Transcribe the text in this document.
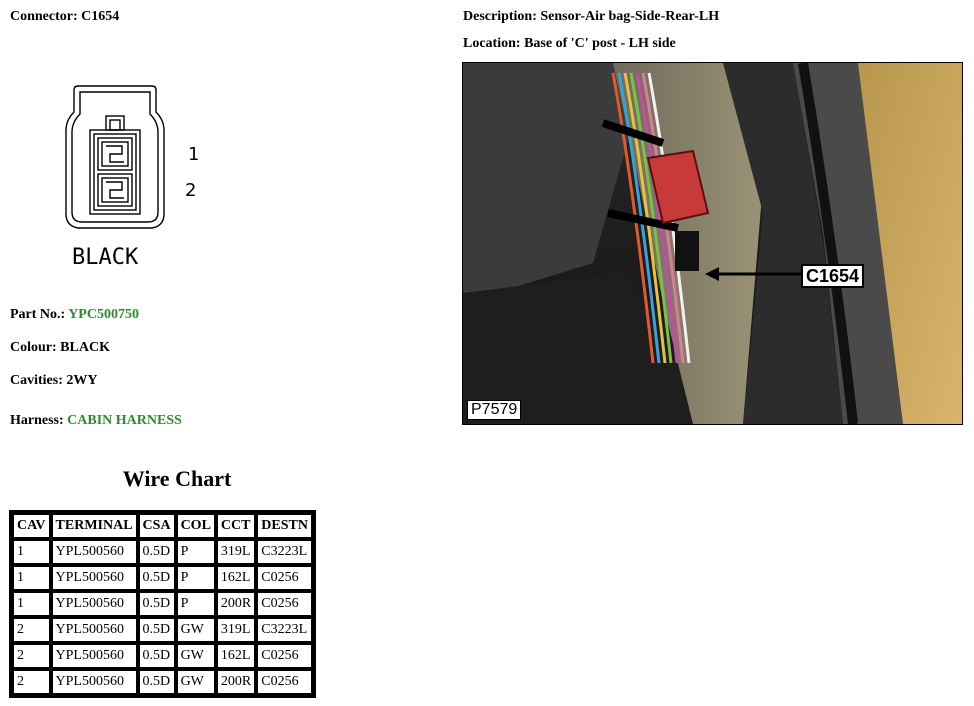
Connector: C1654
1
2
BLACK
Part No.: YPC500750
Colour: BLACK
Cavities: 2WY
Harness: CABIN HARNESS
Description: Sensor-Air bag-Side-Rear-LH
Location: Base of 'C' post - LH side
C1654
P7579
Wire Chart
CAV	TERMINAL	CSA	COL	CCT	DESTN
1	YPL500560	0.5D	P	319L	C3223L
1	YPL500560	0.5D	P	162L	C0256
1	YPL500560	0.5D	P	200R	C0256
2	YPL500560	0.5D	GW	319L	C3223L
2	YPL500560	0.5D	GW	162L	C0256
2	YPL500560	0.5D	GW	200R	C0256
